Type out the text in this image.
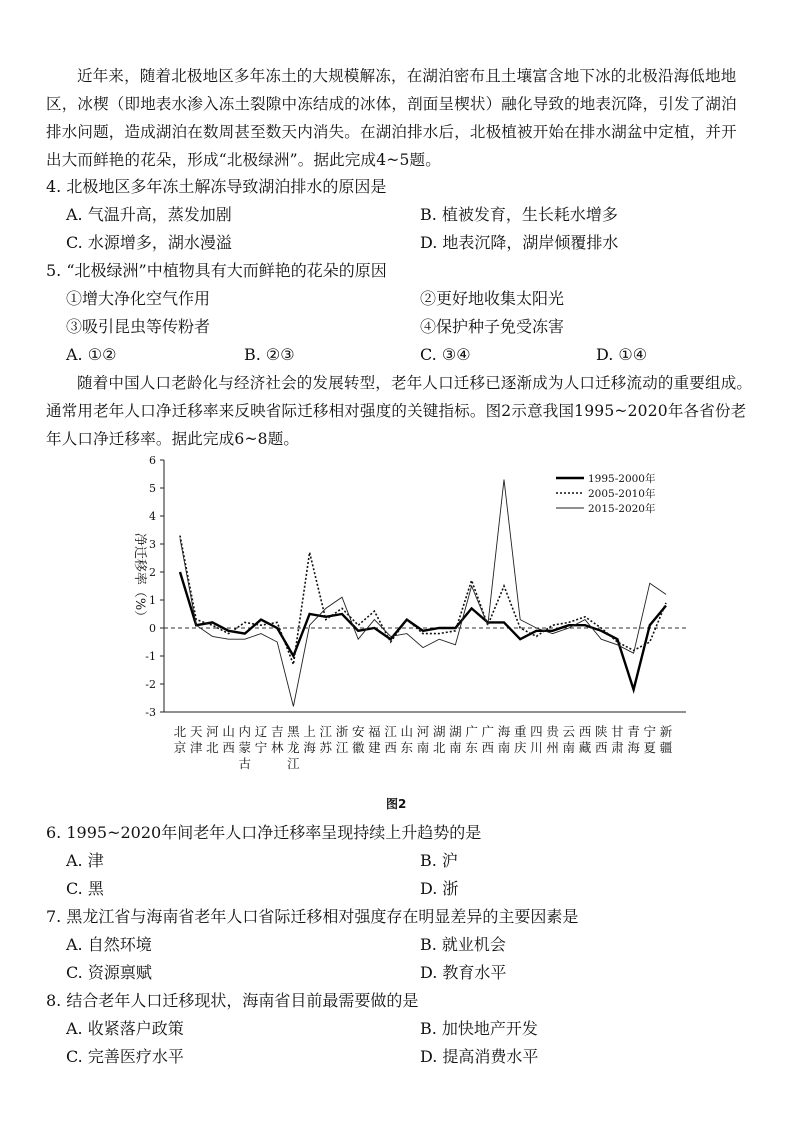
近年来，随着北极地区多年冻土的大规模解冻，在湖泊密布且土壤富含地下冰的北极沿海低地地
区，冰楔（即地表水渗入冻土裂隙中冻结成的冰体，剖面呈楔状）融化导致的地表沉降，引发了湖泊
排水问题，造成湖泊在数周甚至数天内消失。在湖泊排水后，北极植被开始在排水湖盆中定植，并开
出大而鲜艳的花朵，形成“北极绿洲”。据此完成4~5题。
4. 北极地区多年冻土解冻导致湖泊排水的原因是
A. 气温升高，蒸发加剧	B. 植被发育，生长耗水增多
C. 水源增多，湖水漫溢	D. 地表沉降，湖岸倾覆排水
5. “北极绿洲”中植物具有大而鲜艳的花朵的原因
①增大净化空气作用	②更好地收集太阳光
③吸引昆虫等传粉者	④保护种子免受冻害
A. ①②	B. ②③	C. ③④	D. ①④
随着中国人口老龄化与经济社会的发展转型，老年人口迁移已逐渐成为人口迁移流动的重要组成。
通常用老年人口净迁移率来反映省际迁移相对强度的关键指标。图2示意我国1995~2020年各省份老
年人口净迁移率。据此完成6~8题。
-3
-2
-1
0
1
2
3
4
5
6
净迁移率（%）
北京
天津
河北
山西
内蒙古
辽宁
吉林
黑龙江
上海
江苏
浙江
安徽
福建
江西
山东
河南
湖北
湖南
广东
广西
海南
重庆
四川
贵州
云南
西藏
陕西
甘肃
青海
宁夏
新疆
1995-2000年
2005-2010年
2015-2020年
图2
6. 1995~2020年间老年人口净迁移率呈现持续上升趋势的是
A. 津	B. 沪
C. 黑	D. 浙
7. 黑龙江省与海南省老年人口省际迁移相对强度存在明显差异的主要因素是
A. 自然环境	B. 就业机会
C. 资源禀赋	D. 教育水平
8. 结合老年人口迁移现状，海南省目前最需要做的是
A. 收紧落户政策	B. 加快地产开发
C. 完善医疗水平	D. 提高消费水平
